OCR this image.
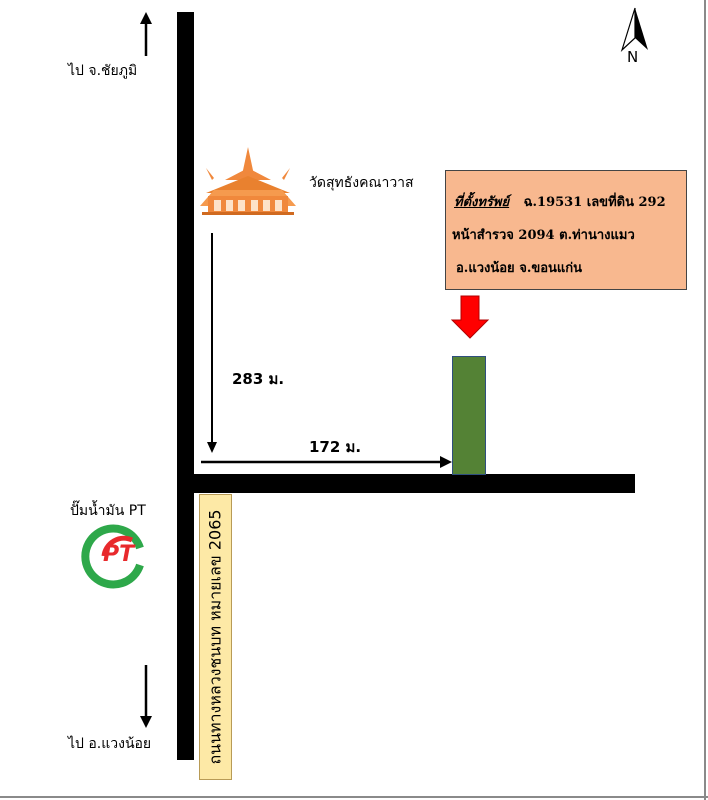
PT
ไป จ.ชัยภูมิ
ไป อ.แวงน้อย
วัดสุทธังคณาวาส
ปั๊มน้ำมัน PT
283 ม.
172 ม.
N
ถนนทางหลวงชนบท หมายเลข 2065
ที่ตั้งทรัพย์ ฉ.19531 เลขที่ดิน 292
หน้าสำรวจ 2094 ต.ท่านางแมว
อ.แวงน้อย จ.ขอนแก่น
